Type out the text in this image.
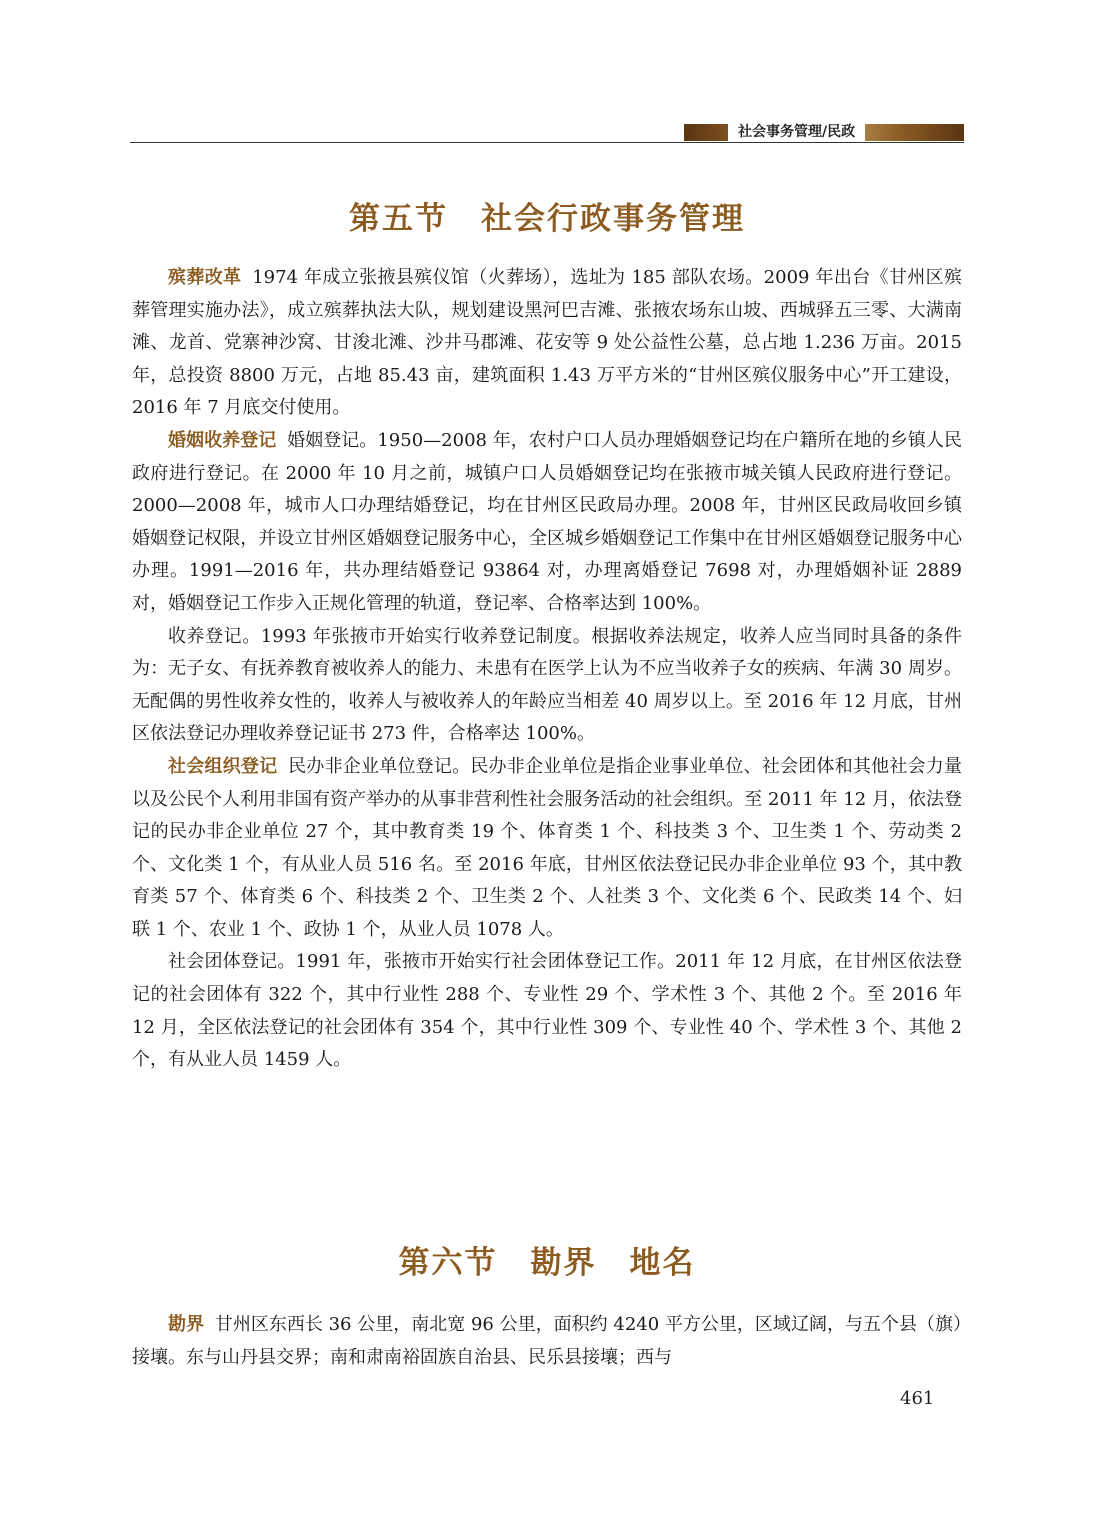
社会事务管理/民政
第五节　社会行政事务管理

殡葬改革 1974 年成立张掖县殡仪馆（火葬场），选址为 185 部队农场。2009 年出台《甘州区殡葬管理实施办法》，成立殡葬执法大队，规划建设黑河巴吉滩、张掖农场东山坡、西城驿五三零、大满南滩、龙首、党寨神沙窝、甘浚北滩、沙井马郡滩、花安等 9 处公益性公墓，总占地 1.236 万亩。2015 年，总投资 8800 万元，占地 85.43 亩，建筑面积 1.43 万平方米的“甘州区殡仪服务中心”开工建设，2016 年 7 月底交付使用。

婚姻收养登记 婚姻登记。1950—2008 年，农村户口人员办理婚姻登记均在户籍所在地的乡镇人民政府进行登记。在 2000 年 10 月之前，城镇户口人员婚姻登记均在张掖市城关镇人民政府进行登记。2000—2008 年，城市人口办理结婚登记，均在甘州区民政局办理。2008 年，甘州区民政局收回乡镇婚姻登记权限，并设立甘州区婚姻登记服务中心，全区城乡婚姻登记工作集中在甘州区婚姻登记服务中心办理。1991—2016 年，共办理结婚登记 93864 对，办理离婚登记 7698 对，办理婚姻补证 2889 对，婚姻登记工作步入正规化管理的轨道，登记率、合格率达到 100%。

收养登记。1993 年张掖市开始实行收养登记制度。根据收养法规定，收养人应当同时具备的条件为：无子女、有抚养教育被收养人的能力、未患有在医学上认为不应当收养子女的疾病、年满 30 周岁。无配偶的男性收养女性的，收养人与被收养人的年龄应当相差 40 周岁以上。至 2016 年 12 月底，甘州区依法登记办理收养登记证书 273 件，合格率达 100%。

社会组织登记 民办非企业单位登记。民办非企业单位是指企业事业单位、社会团体和其他社会力量以及公民个人利用非国有资产举办的从事非营利性社会服务活动的社会组织。至 2011 年 12 月，依法登记的民办非企业单位 27 个，其中教育类 19 个、体育类 1 个、科技类 3 个、卫生类 1 个、劳动类 2 个、文化类 1 个，有从业人员 516 名。至 2016 年底，甘州区依法登记民办非企业单位 93 个，其中教育类 57 个、体育类 6 个、科技类 2 个、卫生类 2 个、人社类 3 个、文化类 6 个、民政类 14 个、妇联 1 个、农业 1 个、政协 1 个，从业人员 1078 人。

社会团体登记。1991 年，张掖市开始实行社会团体登记工作。2011 年 12 月底，在甘州区依法登记的社会团体有 322 个，其中行业性 288 个、专业性 29 个、学术性 3 个、其他 2 个。至 2016 年 12 月，全区依法登记的社会团体有 354 个，其中行业性 309 个、专业性 40 个、学术性 3 个、其他 2 个，有从业人员 1459 人。

第六节　勘界　地名

勘界 甘州区东西长 36 公里，南北宽 96 公里，面积约 4240 平方公里，区域辽阔，与五个县（旗）接壤。东与山丹县交界；南和肃南裕固族自治县、民乐县接壤；西与

461
